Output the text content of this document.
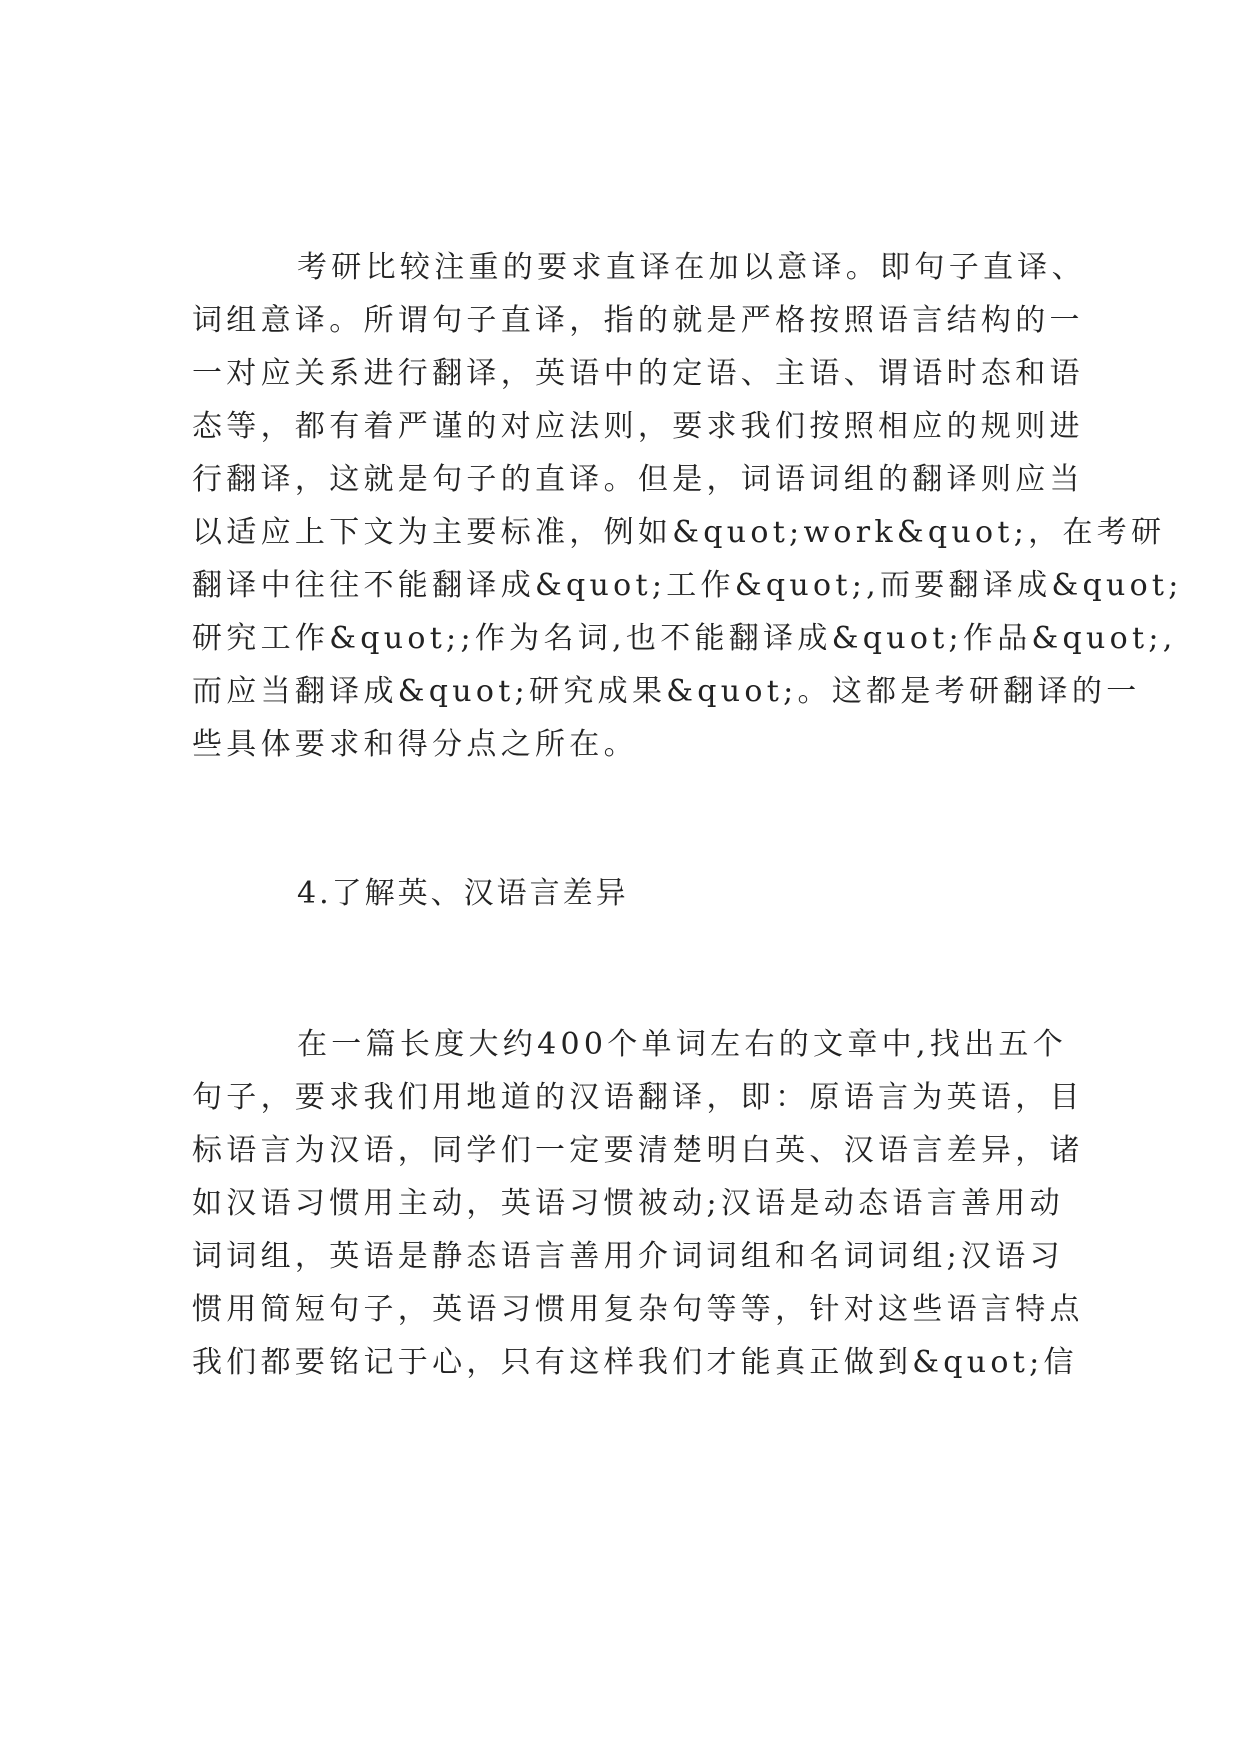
考研比较注重的要求直译在加以意译。即句子直译、

词组意译。所谓句子直译，指的就是严格按照语言结构的一

一对应关系进行翻译，英语中的定语、主语、谓语时态和语

态等，都有着严谨的对应法则，要求我们按照相应的规则进

行翻译，这就是句子的直译。但是，词语词组的翻译则应当

以适应上下文为主要标准，例如&quot;work&quot;，在考研

翻译中往往不能翻译成&quot;工作&quot;,而要翻译成&quot;

研究工作&quot;;作为名词,也不能翻译成&quot;作品&quot;,

而应当翻译成&quot;研究成果&quot;。这都是考研翻译的一

些具体要求和得分点之所在。

4.了解英、汉语言差异

在一篇长度大约400个单词左右的文章中,找出五个

句子，要求我们用地道的汉语翻译，即：原语言为英语，目

标语言为汉语，同学们一定要清楚明白英、汉语言差异，诸

如汉语习惯用主动，英语习惯被动;汉语是动态语言善用动

词词组，英语是静态语言善用介词词组和名词词组;汉语习

惯用简短句子，英语习惯用复杂句等等，针对这些语言特点

我们都要铭记于心，只有这样我们才能真正做到&quot;信
